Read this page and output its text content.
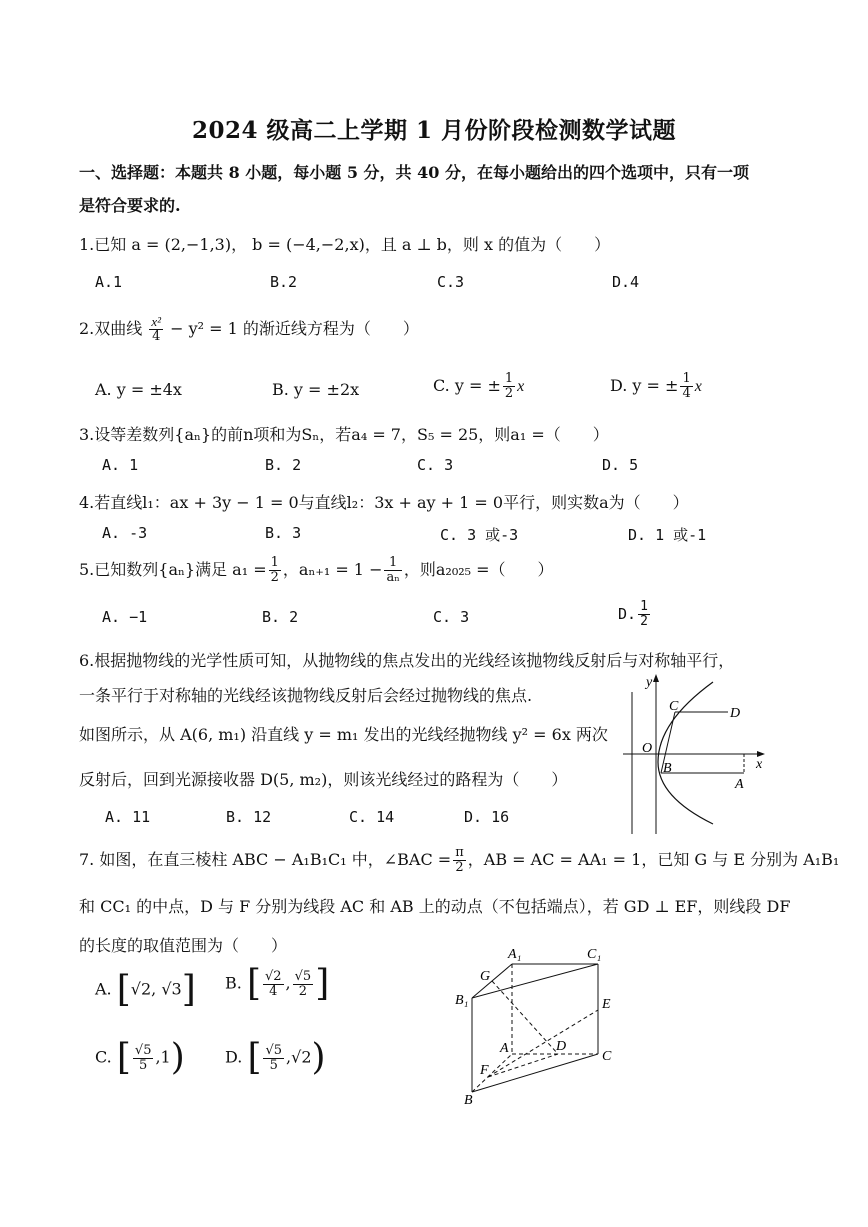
2024 级高二上学期 1 月份阶段检测数学试题
一、选择题：本题共 8 小题，每小题 5 分，共 40 分，在每小题给出的四个选项中，只有一项
是符合要求的.
1.已知 a = (2,−1,3)， b = (−4,−2,x)，且 a ⊥ b，则 x 的值为（　　）
A.1	B.2	C.3	D.4
2.双曲线 $\frac{\text{x²}}{4} - y^2 = 1$ 的渐近线方程为（　　）
A. y = ±4x	B. y = ±2x	C. y = ± $\frac{1}{2}$ x	D. y = ± $\frac{1}{4}$ x
3.设等差数列{aₙ}的前n项和为Sₙ，若a₄ = 7，S₅ = 25，则a₁ =（　　）
A. 1	B. 2	C. 3	D. 5
4.若直线l₁：ax + 3y − 1 = 0与直线l₂：3x + ay + 1 = 0平行，则实数a为（　　）
A. -3	B. 3	C. 3 或-3	D. 1 或-1
5.已知数列{aₙ}满足 $a_1 = \frac{1}{2}$ ，$a_{n+1} = 1 - \frac{1}{\text{aₙ}}$ ，则a₂₀₂₅ =（　　）
A. −1	B. 2	C. 3	D. $\frac{1}{2}$
6.根据抛物线的光学性质可知，从抛物线的焦点发出的光线经该抛物线反射后与对称轴平行，
一条平行于对称轴的光线经该抛物线反射后会经过抛物线的焦点.
如图所示，从 A(6, m₁) 沿直线 y = m₁ 发出的光线经抛物线 y² = 6x 两次
反射后，回到光源接收器 D(5, m₂)，则该光线经过的路程为（　　）
A. 11	B. 12	C. 14	D. 16
y
C	D
O
x
B
A
7. 如图，在直三棱柱 ABC − A₁B₁C₁ 中，∠BAC = $\frac{\pi}{2}$ ，AB = AC = AA₁ = 1，已知 G 与 E 分别为 A₁B₁
和 CC₁ 的中点，D 与 F 分别为线段 AC 和 AB 上的动点（不包括端点），若 GD ⊥ EF，则线段 DF
的长度的取值范围为（　　）
A. [√2, √3] B. [ $\frac{√2}{4}$ , $\frac{√5}{2}$ ]
C. [ $\frac{√5}{5} ,1$)	D. [ $\frac{√5}{5} ,√2$)
A₁	C₁
G
B₁	E
A	D
C
F
B
